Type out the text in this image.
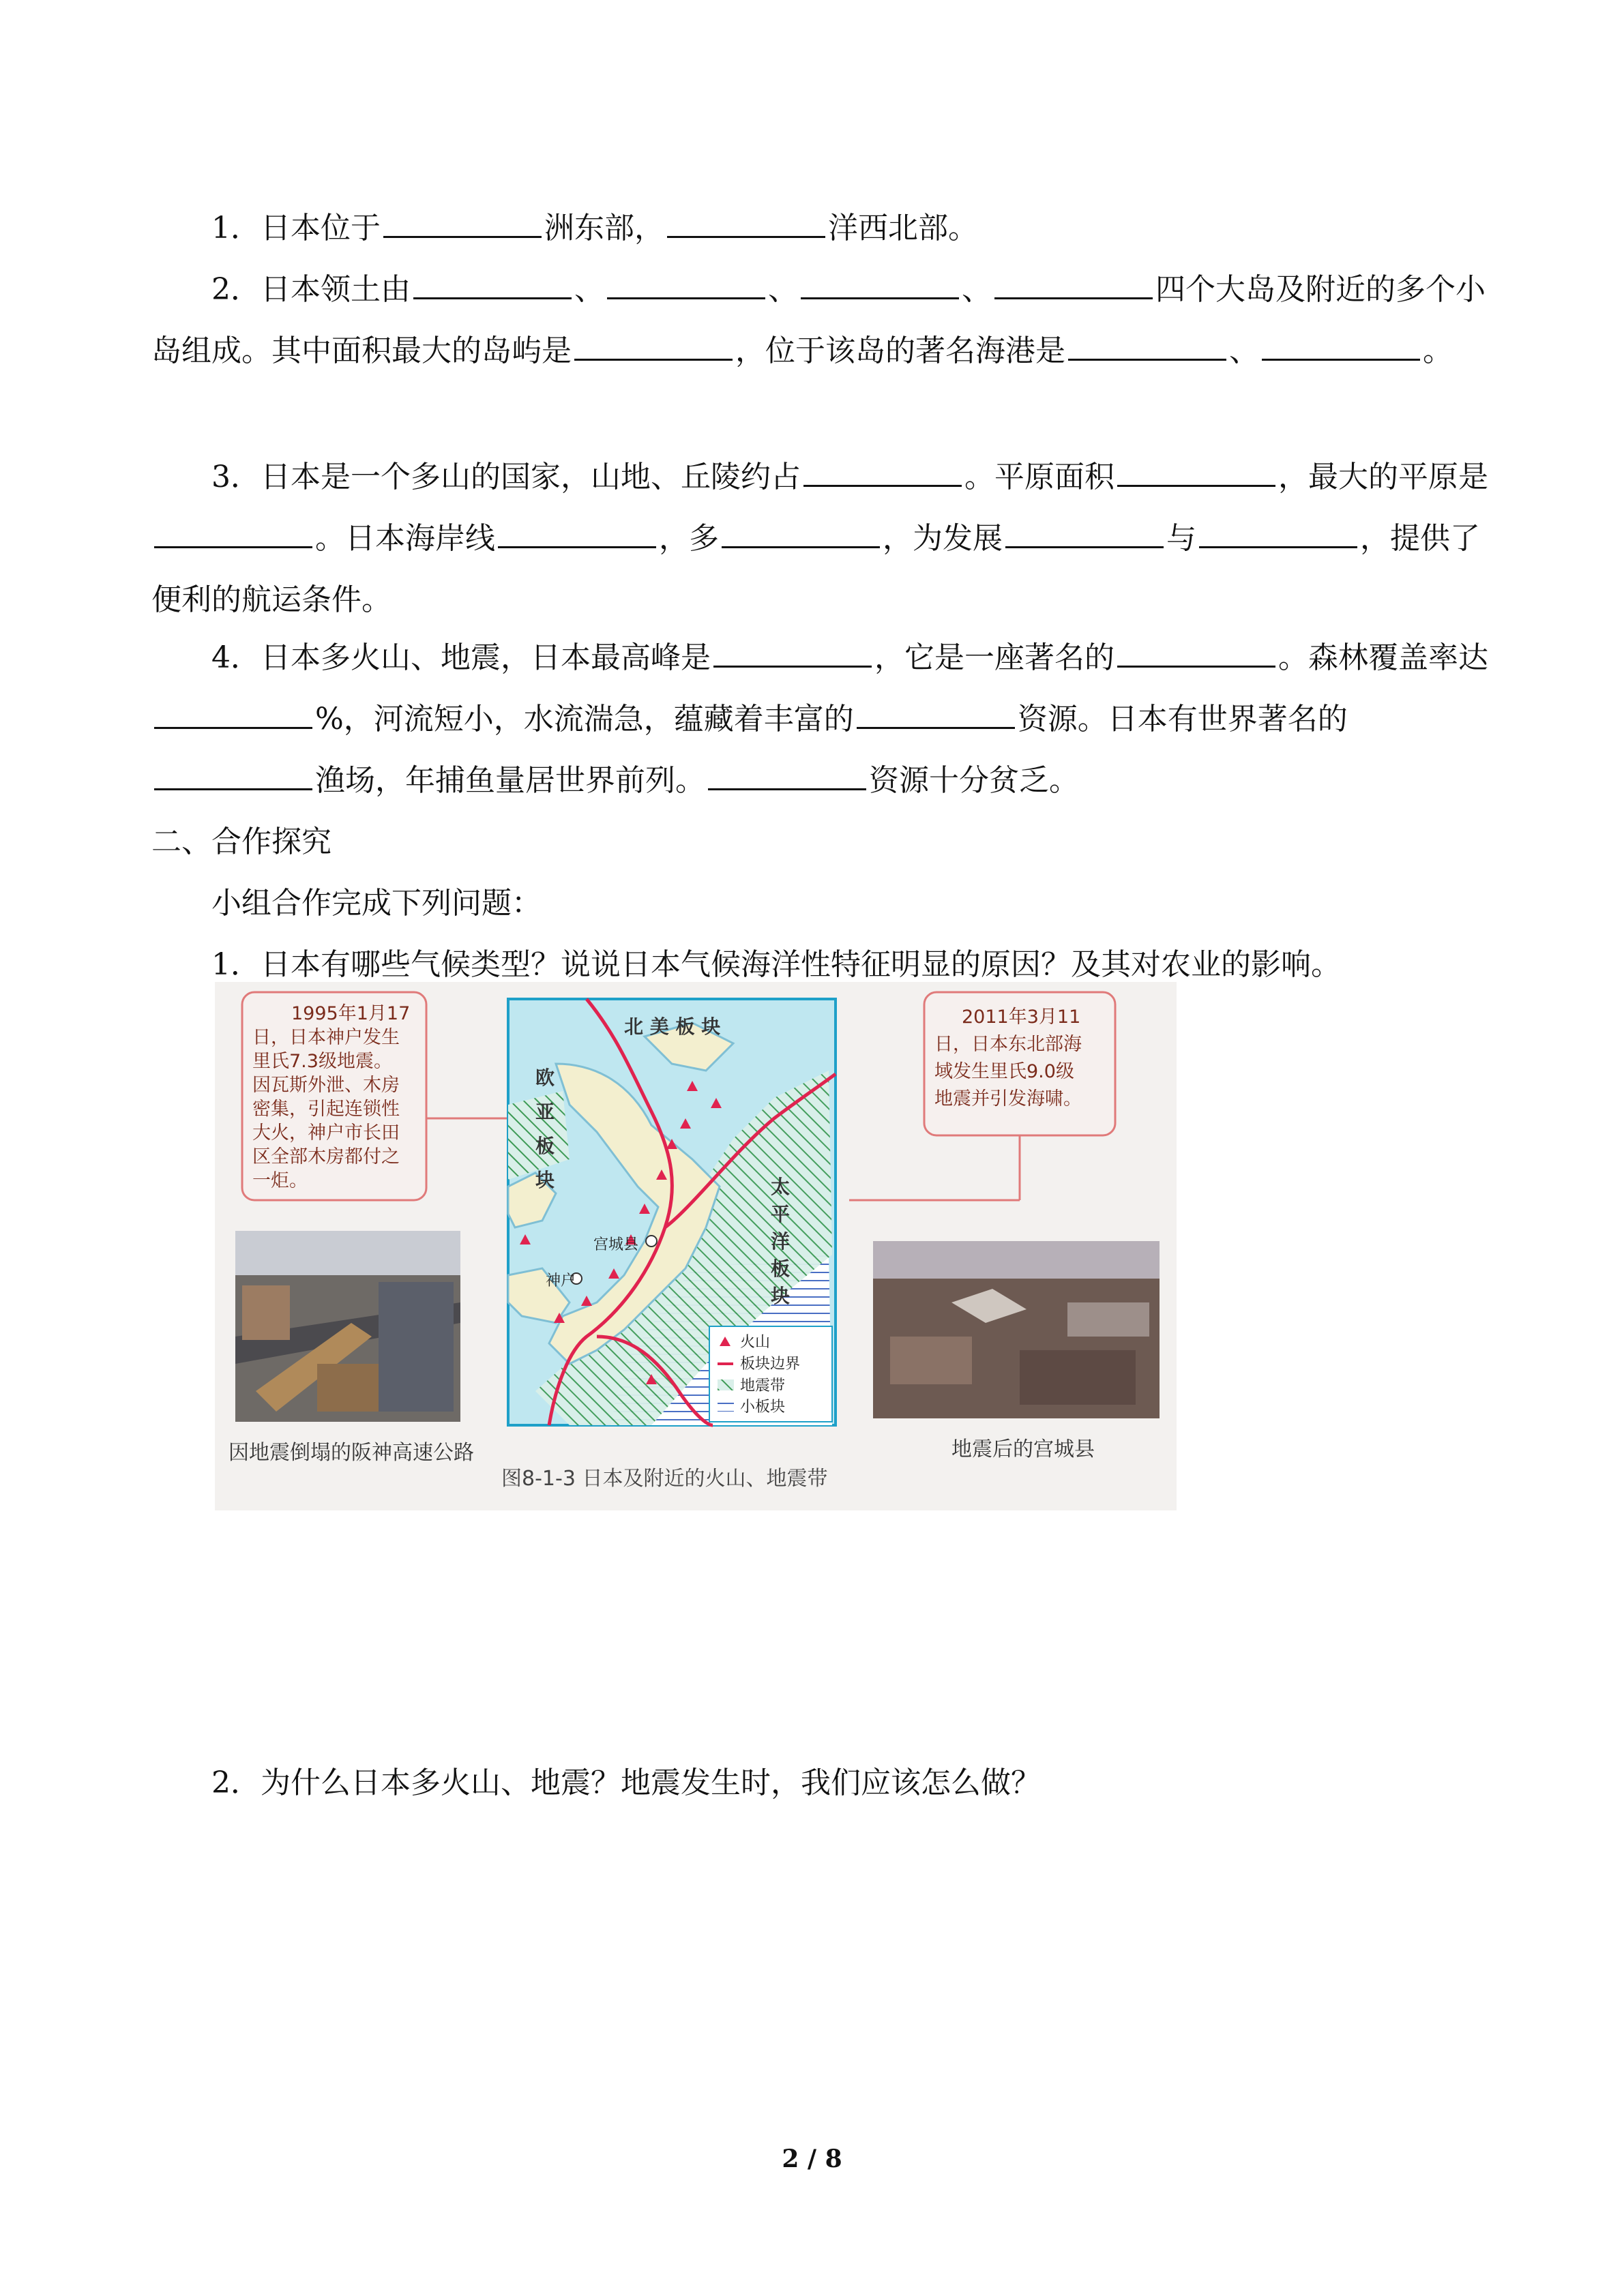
1．日本位于	洲东部，	洋西北部。

2．日本领土由	、	、	、	四个大岛及附近的多个小岛组成。其中面积最大的岛屿是	，位于该岛的著名海港是	、	。

3．日本是一个多山的国家，山地、丘陵约占	。平原面积	，最大的平原是。日本海岸线	，多	，为发展	与	，提供了便利的航运条件。

4．日本多火山、地震，日本最高峰是	，它是一座著名的	。森林覆盖率达%，河流短小，水流湍急，蕴藏着丰富的	资源。日本有世界著名的渔场，年捕鱼量居世界前列。	资源十分贫乏。

二、合作探究

小组合作完成下列问题：

1．日本有哪些气候类型？说说日本气候海洋性特征明显的原因？及其对农业的影响。

1995年1月17
日，日本神户发生
里氏7.3级地震。
因瓦斯外泄、木房
密集，引起连锁性
大火，神户市长田
区全部木房都付之
一炬。
2011年3月11
日，日本东北部海
域发生里氏9.0级
地震并引发海啸。
因地震倒塌的阪神高速公路	地震后的宫城县
北 美 板 块
欧
亚
板
块	太
平
洋
板
块
宫城县
神户
火山
板块边界
地震带
小板块
图8-1-3 日本及附近的火山、地震带

2．为什么日本多火山、地震？地震发生时，我们应该怎么做？

2 / 8
